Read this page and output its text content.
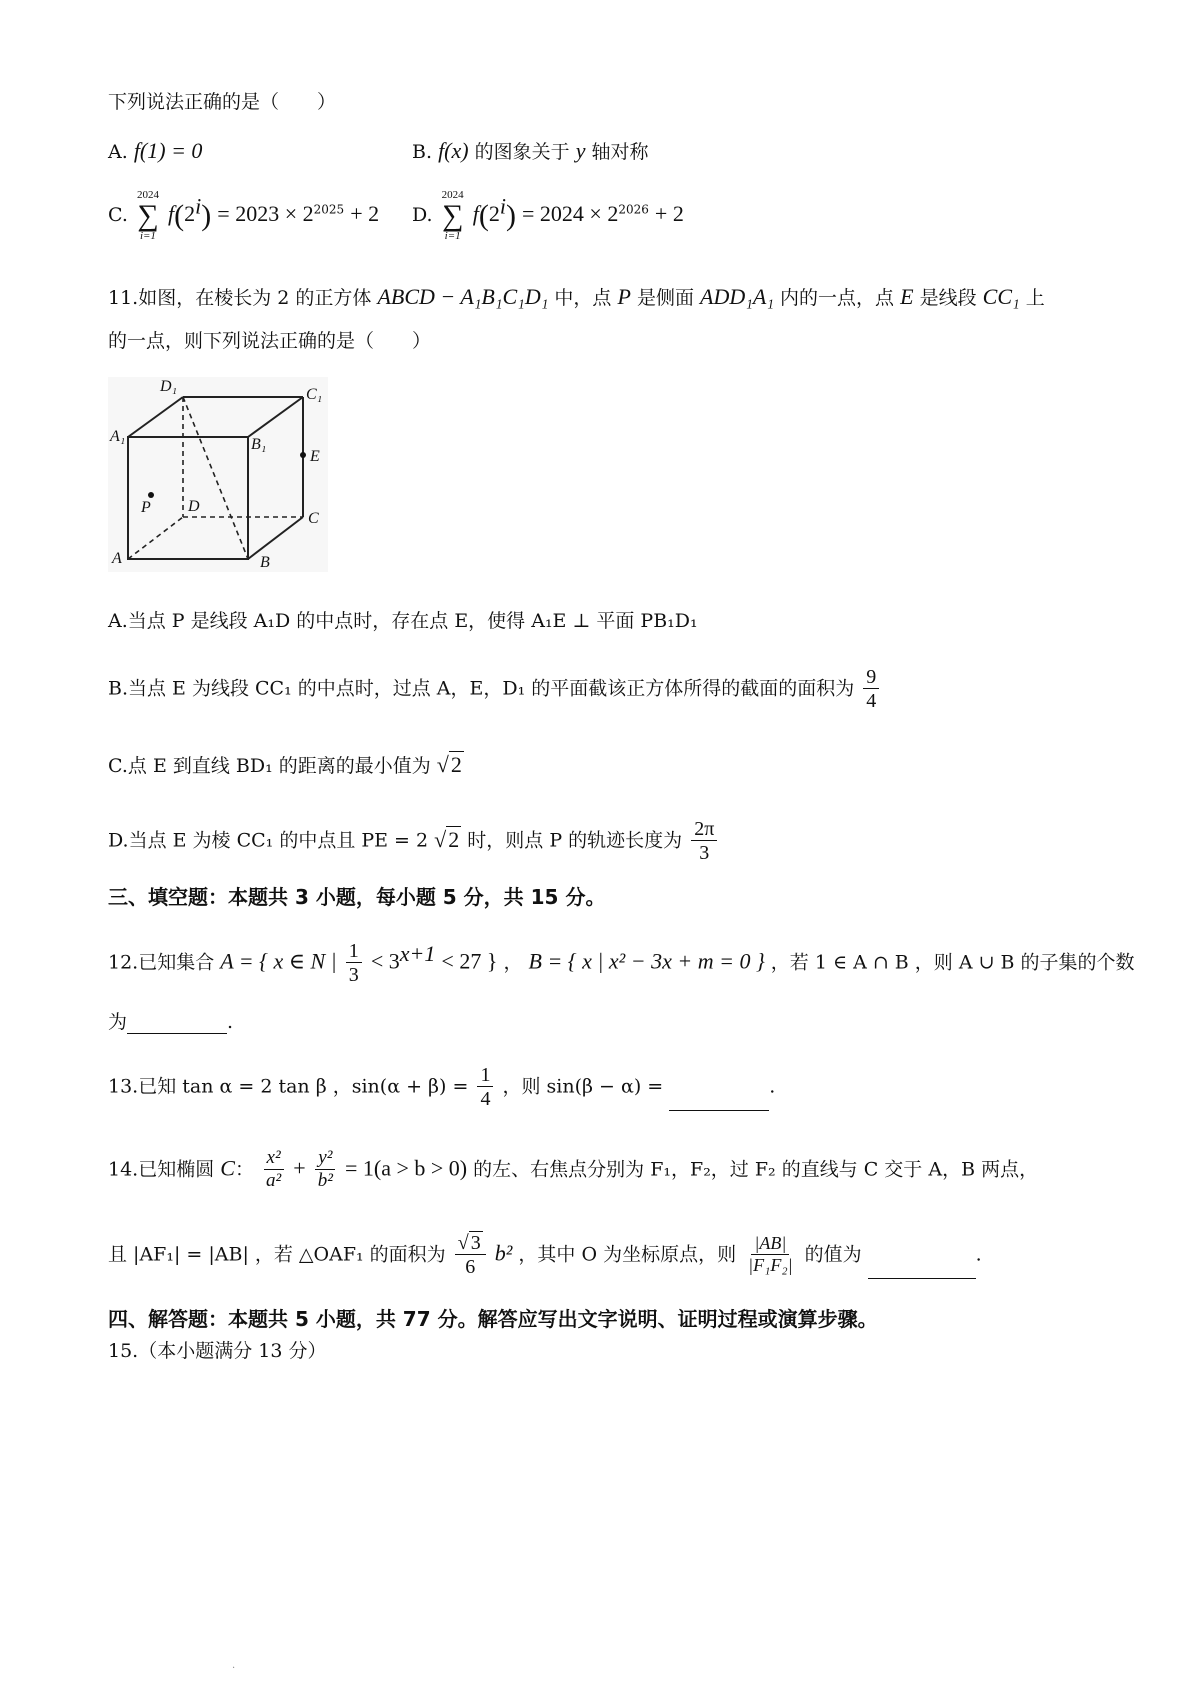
下列说法正确的是（　　）
A. f(1) = 0	B. f(x) 的图象关于 y 轴对称
C.
2024
∑
i=1
$f(2^i) = 2023 \times 2^{2025} + 2$ D.
2024
∑
i=1
$f(2^i) = 2024 \times 2^{2026} + 2$
11.如图，在棱长为 2 的正方体 ABCD − A₁B₁C₁D₁ 中，点 P 是侧面 ADD₁A₁ 内的一点，点 E 是线段 CC₁ 上
的一点，则下列说法正确的是（　　）
D₁	C₁
A₁	B₁
E
P D
C
A	B
A.当点 P 是线段 A₁D 的中点时，存在点 E，使得 A₁E ⊥ 平面 PB₁D₁
B.当点 E 为线段 CC₁ 的中点时，过点 A，E，D₁ 的平面截该正方体所得的截面的面积为 $\frac{9}{4}$
C.点 E 到直线 BD₁ 的距离的最小值为 √2
D.当点 E 为棱 CC₁ 的中点且 PE = 2 √2 时，则点 P 的轨迹长度为 $\frac{2\pi}{3}$
三、填空题：本题共 3 小题，每小题 5 分，共 15 分。
12.已知集合 A = { x ∈ N | $\frac{1}{3} < 3^{x+1} < 27$ } ， B = { x | x² − 3x + m = 0 } ，若 1 ∈ A ∩ B ，则 A ∪ B 的子集的个数
为	.
13.已知 tan α = 2 tan β ，$\sin(\alpha + \beta) = \frac{1}{4}$ ，则 sin(β − α) =	.
14.已知椭圆 C： $\frac{\text{x²}}{\text{a²}} + \frac{\text{y²}}{\text{b²}} = 1(a > b > 0)$ 的左、右焦点分别为 F₁，F₂，过 F₂ 的直线与 C 交于 A，B 两点，
且 |AF₁| = |AB| ，若 △OAF₁ 的面积为 $\frac{√ 3}{6} b^2$ ，其中 O 为坐标原点，则 $\frac{|AB|}{\text{|F₁F₂|}}$ 的值为	.
四、解答题：本题共 5 小题，共 77 分。解答应写出文字说明、证明过程或演算步骤。
15.（本小题满分 13 分）
.
